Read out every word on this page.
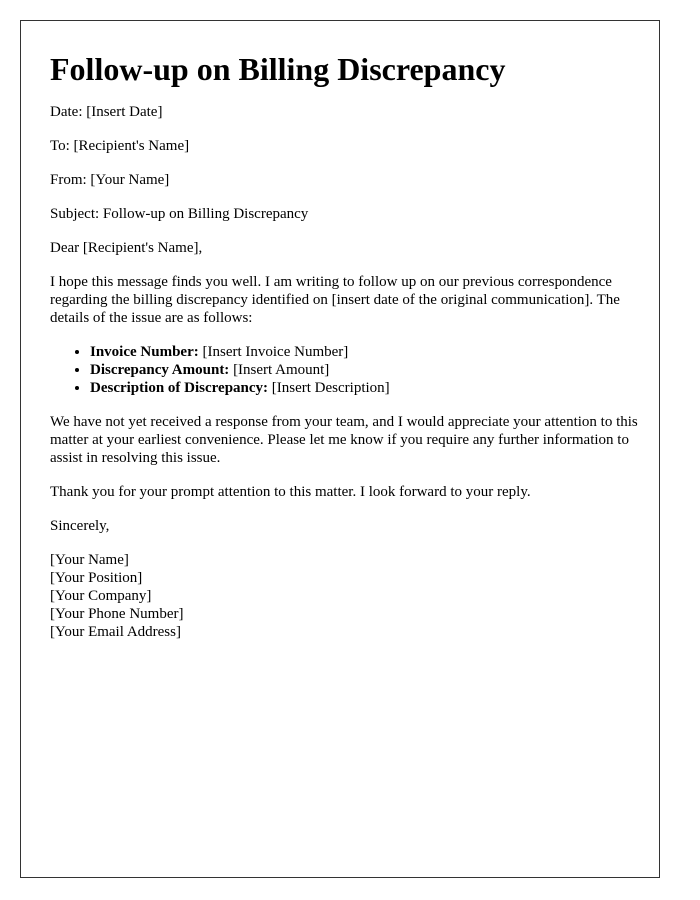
Follow-up on Billing Discrepancy

Date: [Insert Date]

To: [Recipient's Name]

From: [Your Name]

Subject: Follow-up on Billing Discrepancy

Dear [Recipient's Name],

I hope this message finds you well. I am writing to follow up on our previous correspondence regarding the billing discrepancy identified on [insert date of the original communication]. The details of the issue are as follows:

• Invoice Number: [Insert Invoice Number]
• Discrepancy Amount: [Insert Amount]
• Description of Discrepancy: [Insert Description]

We have not yet received a response from your team, and I would appreciate your attention to this matter at your earliest convenience. Please let me know if you require any further information to assist in resolving this issue.

Thank you for your prompt attention to this matter. I look forward to your reply.

Sincerely,

[Your Name]

[Your Position]

[Your Company]

[Your Phone Number]

[Your Email Address]
